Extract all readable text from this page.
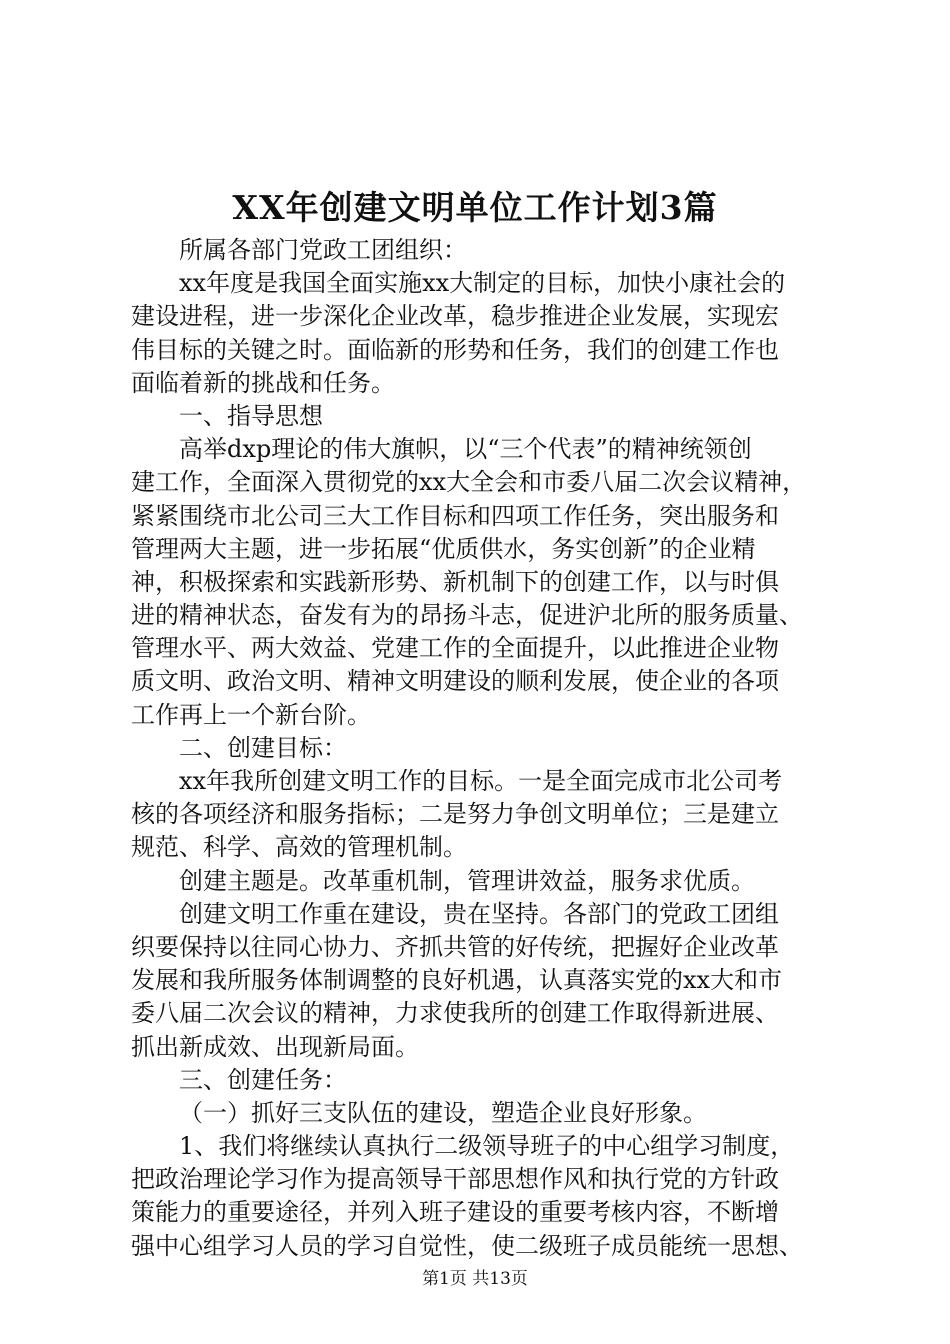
XX年创建文明单位工作计划3篇
所属各部门党政工团组织：
xx年度是我国全面实施xx大制定的目标，加快小康社会的
建设进程，进一步深化企业改革，稳步推进企业发展，实现宏
伟目标的关键之时。面临新的形势和任务，我们的创建工作也
面临着新的挑战和任务。
一、指导思想
高举dxp理论的伟大旗帜，以“三个代表”的精神统领创
建工作，全面深入贯彻党的xx大全会和市委八届二次会议精神，
紧紧围绕市北公司三大工作目标和四项工作任务，突出服务和
管理两大主题，进一步拓展“优质供水，务实创新”的企业精
神，积极探索和实践新形势、新机制下的创建工作，以与时俱
进的精神状态，奋发有为的昂扬斗志，促进沪北所的服务质量、
管理水平、两大效益、党建工作的全面提升，以此推进企业物
质文明、政治文明、精神文明建设的顺利发展，使企业的各项
工作再上一个新台阶。
二、创建目标：
xx年我所创建文明工作的目标。一是全面完成市北公司考
核的各项经济和服务指标；二是努力争创文明单位；三是建立
规范、科学、高效的管理机制。
创建主题是。改革重机制，管理讲效益，服务求优质。
创建文明工作重在建设，贵在坚持。各部门的党政工团组
织要保持以往同心协力、齐抓共管的好传统，把握好企业改革
发展和我所服务体制调整的良好机遇，认真落实党的xx大和市
委八届二次会议的精神，力求使我所的创建工作取得新进展、
抓出新成效、出现新局面。
三、创建任务：
（一）抓好三支队伍的建设，塑造企业良好形象。
1、我们将继续认真执行二级领导班子的中心组学习制度，
把政治理论学习作为提高领导干部思想作风和执行党的方针政
策能力的重要途径，并列入班子建设的重要考核内容，不断增
强中心组学习人员的学习自觉性，使二级班子成员能统一思想、
第1页 共13页
